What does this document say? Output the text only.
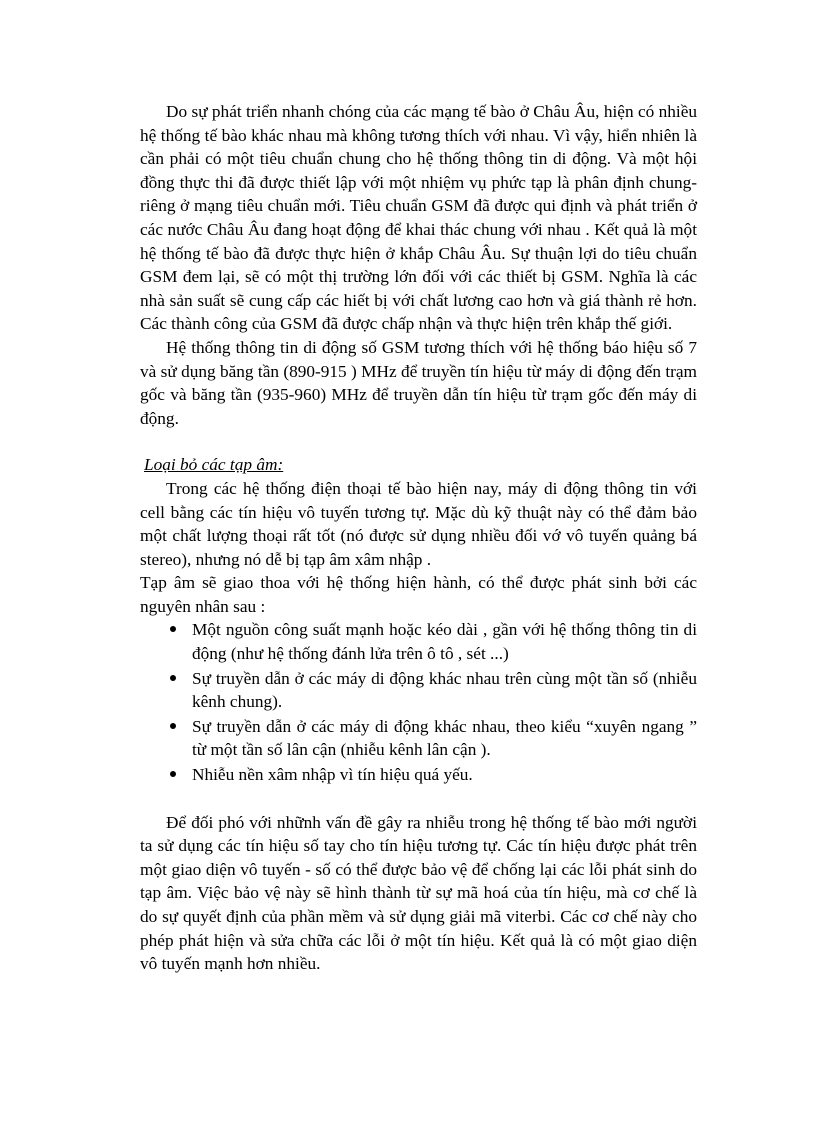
Do sự phát triển nhanh chóng của các mạng tế bào ở Châu Âu, hiện có nhiều hệ thống tế bào khác nhau mà không tương thích với nhau. Vì vậy, hiển nhiên là cần phải có một tiêu chuẩn chung cho hệ thống thông tin di động. Và một hội đồng thực thi đã được thiết lập với một nhiệm vụ phức tạp là phân định chung-riêng ở mạng tiêu chuẩn mới. Tiêu chuẩn GSM đã được qui định và phát triển ở các nước Châu Âu đang hoạt động để khai thác chung với nhau . Kết quả là một hệ thống tế bào đã được thực hiện ở khắp Châu Âu. Sự thuận lợi do tiêu chuẩn GSM đem lại, sẽ có một thị trường lớn đối với các thiết bị GSM. Nghĩa là các nhà sản suất sẽ cung cấp các hiết bị với chất lương cao hơn và giá thành rẻ hơn. Các thành công của GSM đã được chấp nhận và thực hiện trên khắp thế giới.

Hệ thống thông tin di động số GSM tương thích với hệ thống báo hiệu số 7 và sử dụng băng tần (890-915 ) MHz để truyền tín hiệu từ máy di động đến trạm gốc và băng tần (935-960) MHz để truyền dẫn tín hiệu từ trạm gốc đến máy di động.

Loại bỏ các tạp âm:

Trong các hệ thống điện thoại tế bào hiện nay, máy di động thông tin với cell bằng các tín hiệu vô tuyến tương tự. Mặc dù kỹ thuật này có thể đảm bảo một chất lượng thoại rất tốt (nó được sử dụng nhiều đối vớ vô tuyến quảng bá stereo), nhưng nó dễ bị tạp âm xâm nhập .

Tạp âm sẽ giao thoa với hệ thống hiện hành, có thể được phát sinh bởi các nguyên nhân sau :

Một nguồn công suất mạnh hoặc kéo dài , gần với hệ thống thông tin di động (như hệ thống đánh lửa trên ô tô , sét ...)
Sự truyền dẫn ở các máy di động khác nhau trên cùng một tần số (nhiễu kênh chung).
Sự truyền dẫn ở các máy di động khác nhau, theo kiểu “xuyên ngang ” từ một tần số lân cận (nhiễu kênh lân cận ).
Nhiễu nền xâm nhập vì tín hiệu quá yếu.

Để đối phó với nhữnh vấn đề gây ra nhiễu trong hệ thống tế bào mới người ta sử dụng các tín hiệu số tay cho tín hiệu tương tự. Các tín hiệu được phát trên một giao diện vô tuyến - số có thể được bảo vệ để chống lại các lỗi phát sinh do tạp âm. Việc bảo vệ này sẽ hình thành từ sự mã hoá của tín hiệu, mà cơ chế là do sự quyết định của phần mềm và sử dụng giải mã viterbi. Các cơ chế này cho phép phát hiện và sửa chữa các lỗi ở một tín hiệu. Kết quả là có một giao diện vô tuyến mạnh hơn nhiều.
